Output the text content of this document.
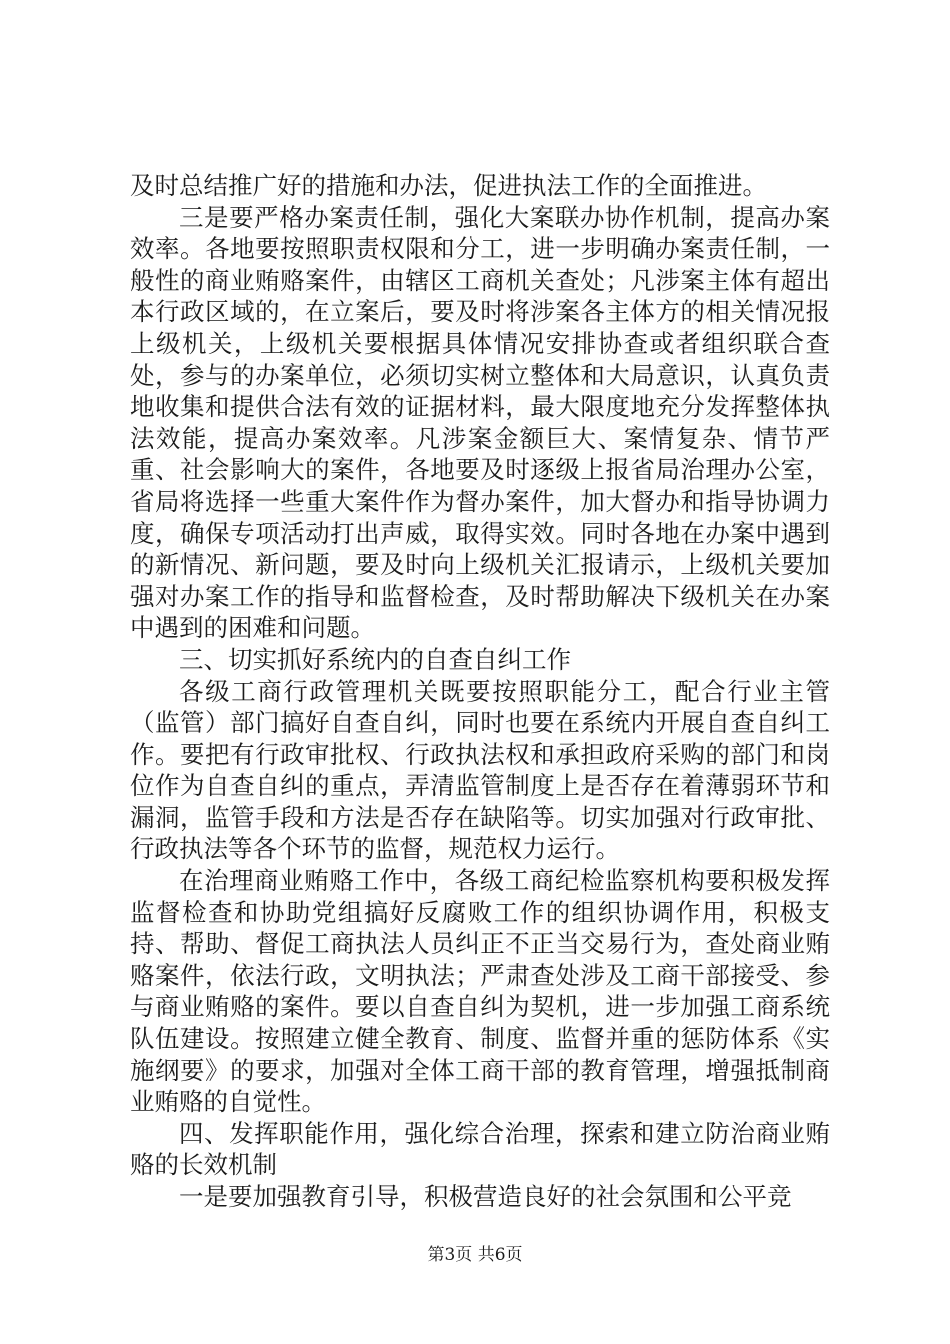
及时总结推广好的措施和办法，促进执法工作的全面推进。

三是要严格办案责任制，强化大案联办协作机制，提高办案效率。各地要按照职责权限和分工，进一步明确办案责任制，一般性的商业贿赂案件，由辖区工商机关查处；凡涉案主体有超出本行政区域的，在立案后，要及时将涉案各主体方的相关情况报上级机关，上级机关要根据具体情况安排协查或者组织联合查处，参与的办案单位，必须切实树立整体和大局意识，认真负责地收集和提供合法有效的证据材料，最大限度地充分发挥整体执法效能，提高办案效率。凡涉案金额巨大、案情复杂、情节严重、社会影响大的案件，各地要及时逐级上报省局治理办公室，省局将选择一些重大案件作为督办案件，加大督办和指导协调力度，确保专项活动打出声威，取得实效。同时各地在办案中遇到的新情况、新问题，要及时向上级机关汇报请示，上级机关要加强对办案工作的指导和监督检查，及时帮助解决下级机关在办案中遇到的困难和问题。

三、切实抓好系统内的自查自纠工作

各级工商行政管理机关既要按照职能分工，配合行业主管（监管）部门搞好自查自纠，同时也要在系统内开展自查自纠工作。要把有行政审批权、行政执法权和承担政府采购的部门和岗位作为自查自纠的重点，弄清监管制度上是否存在着薄弱环节和漏洞，监管手段和方法是否存在缺陷等。切实加强对行政审批、行政执法等各个环节的监督，规范权力运行。

在治理商业贿赂工作中，各级工商纪检监察机构要积极发挥监督检查和协助党组搞好反腐败工作的组织协调作用，积极支持、帮助、督促工商执法人员纠正不正当交易行为，查处商业贿赂案件，依法行政，文明执法；严肃查处涉及工商干部接受、参与商业贿赂的案件。要以自查自纠为契机，进一步加强工商系统队伍建设。按照建立健全教育、制度、监督并重的惩防体系《实施纲要》的要求，加强对全体工商干部的教育管理，增强抵制商业贿赂的自觉性。

四、发挥职能作用，强化综合治理，探索和建立防治商业贿赂的长效机制

一是要加强教育引导，积极营造良好的社会氛围和公平竞

第3页 共6页
